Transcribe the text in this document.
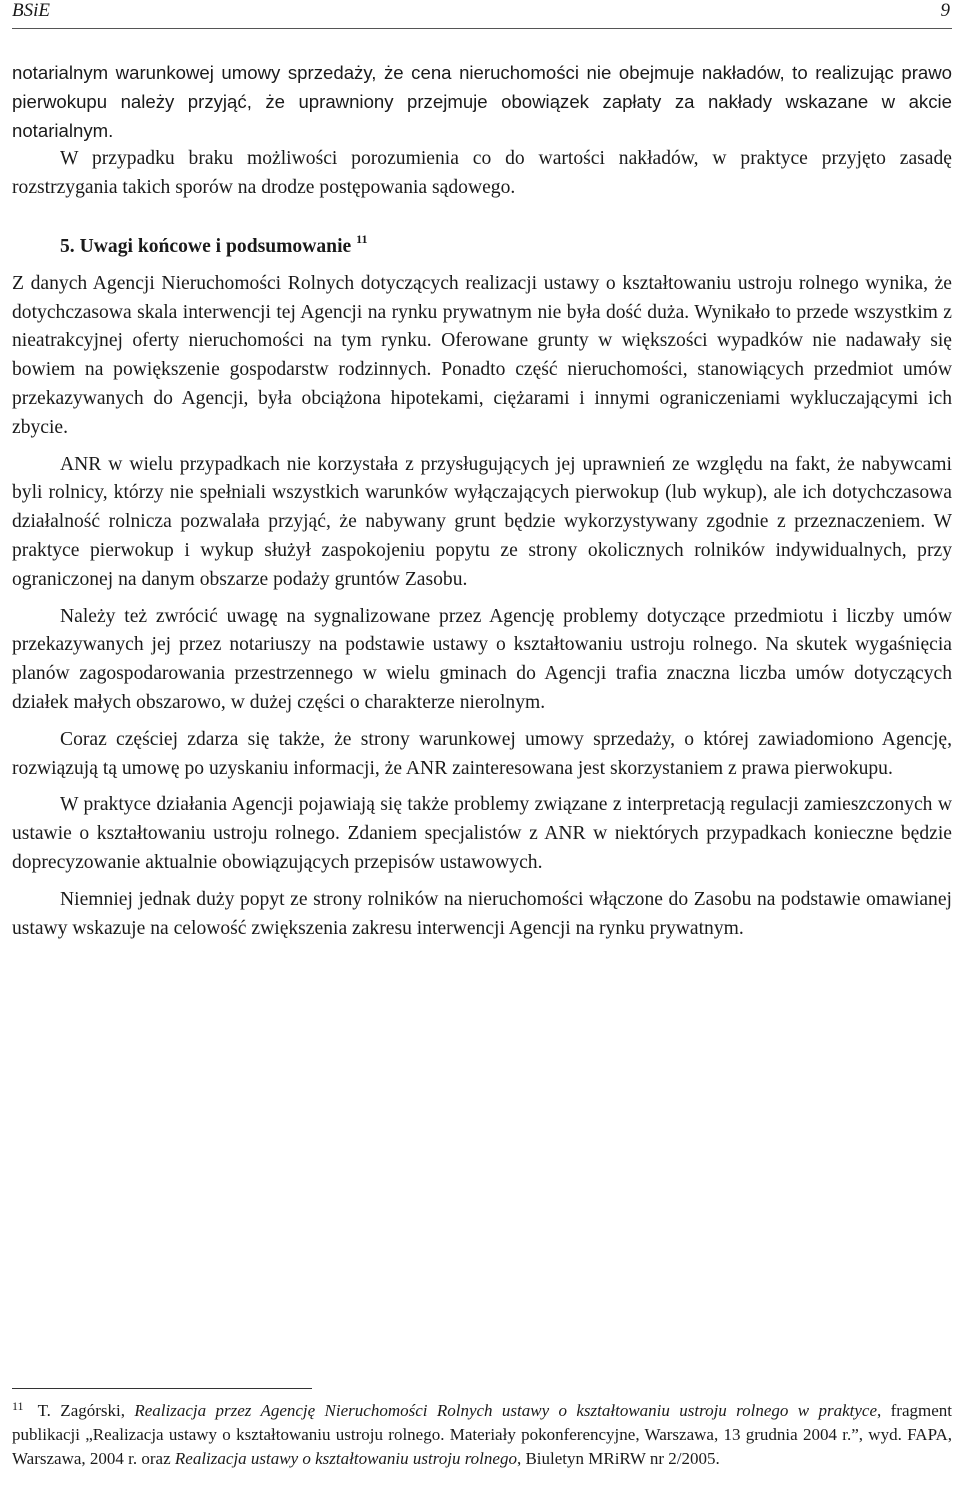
BSiE	9

notarialnym warunkowej umowy sprzedaży, że cena nieruchomości nie obejmuje nakładów, to realizując prawo pierwokupu należy przyjąć, że uprawniony przejmuje obowiązek zapłaty za nakłady wskazane w akcie notarialnym.

W przypadku braku możliwości porozumienia co do wartości nakładów, w praktyce przyjęto zasadę rozstrzygania takich sporów na drodze postępowania sądowego.

5. Uwagi końcowe i podsumowanie $^{11}$

Z danych Agencji Nieruchomości Rolnych dotyczących realizacji ustawy o kształtowaniu ustroju rolnego wynika, że dotychczasowa skala interwencji tej Agencji na rynku prywatnym nie była dość duża. Wynikało to przede wszystkim z nieatrakcyjnej oferty nieruchomości na tym rynku. Oferowane grunty w większości wypadków nie nadawały się bowiem na powiększenie gospodarstw rodzinnych. Ponadto część nieruchomości, stanowiących przedmiot umów przekazywanych do Agencji, była obciążona hipotekami, ciężarami i innymi ograniczeniami wykluczającymi ich zbycie.

ANR w wielu przypadkach nie korzystała z przysługujących jej uprawnień ze względu na fakt, że nabywcami byli rolnicy, którzy nie spełniali wszystkich warunków wyłączających pierwokup (lub wykup), ale ich dotychczasowa działalność rolnicza pozwalała przyjąć, że nabywany grunt będzie wykorzystywany zgodnie z przeznaczeniem. W praktyce pierwokup i wykup służył zaspokojeniu popytu ze strony okolicznych rolników indywidualnych, przy ograniczonej na danym obszarze podaży gruntów Zasobu.

Należy też zwrócić uwagę na sygnalizowane przez Agencję problemy dotyczące przedmiotu i liczby umów przekazywanych jej przez notariuszy na podstawie ustawy o kształtowaniu ustroju rolnego. Na skutek wygaśnięcia planów zagospodarowania przestrzennego w wielu gminach do Agencji trafia znaczna liczba umów dotyczących działek małych obszarowo, w dużej części o charakterze nierolnym.

Coraz częściej zdarza się także, że strony warunkowej umowy sprzedaży, o której zawiadomiono Agencję, rozwiązują tą umowę po uzyskaniu informacji, że ANR zainteresowana jest skorzystaniem z prawa pierwokupu.

W praktyce działania Agencji pojawiają się także problemy związane z interpretacją regulacji zamieszczonych w ustawie o kształtowaniu ustroju rolnego. Zdaniem specjalistów z ANR w niektórych przypadkach konieczne będzie doprecyzowanie aktualnie obowiązujących przepisów ustawowych.

Niemniej jednak duży popyt ze strony rolników na nieruchomości włączone do Zasobu na podstawie omawianej ustawy wskazuje na celowość zwiększenia zakresu interwencji Agencji na rynku prywatnym.

$^{11}$ T. Zagórski, Realizacja przez Agencję Nieruchomości Rolnych ustawy o kształtowaniu ustroju rolnego w praktyce, fragment publikacji „Realizacja ustawy o kształtowaniu ustroju rolnego. Materiały pokonferencyjne, Warszawa, 13 grudnia 2004 r.”, wyd. FAPA, Warszawa, 2004 r. oraz Realizacja ustawy o kształtowaniu ustroju rolnego, Biuletyn MRiRW nr 2/2005.
